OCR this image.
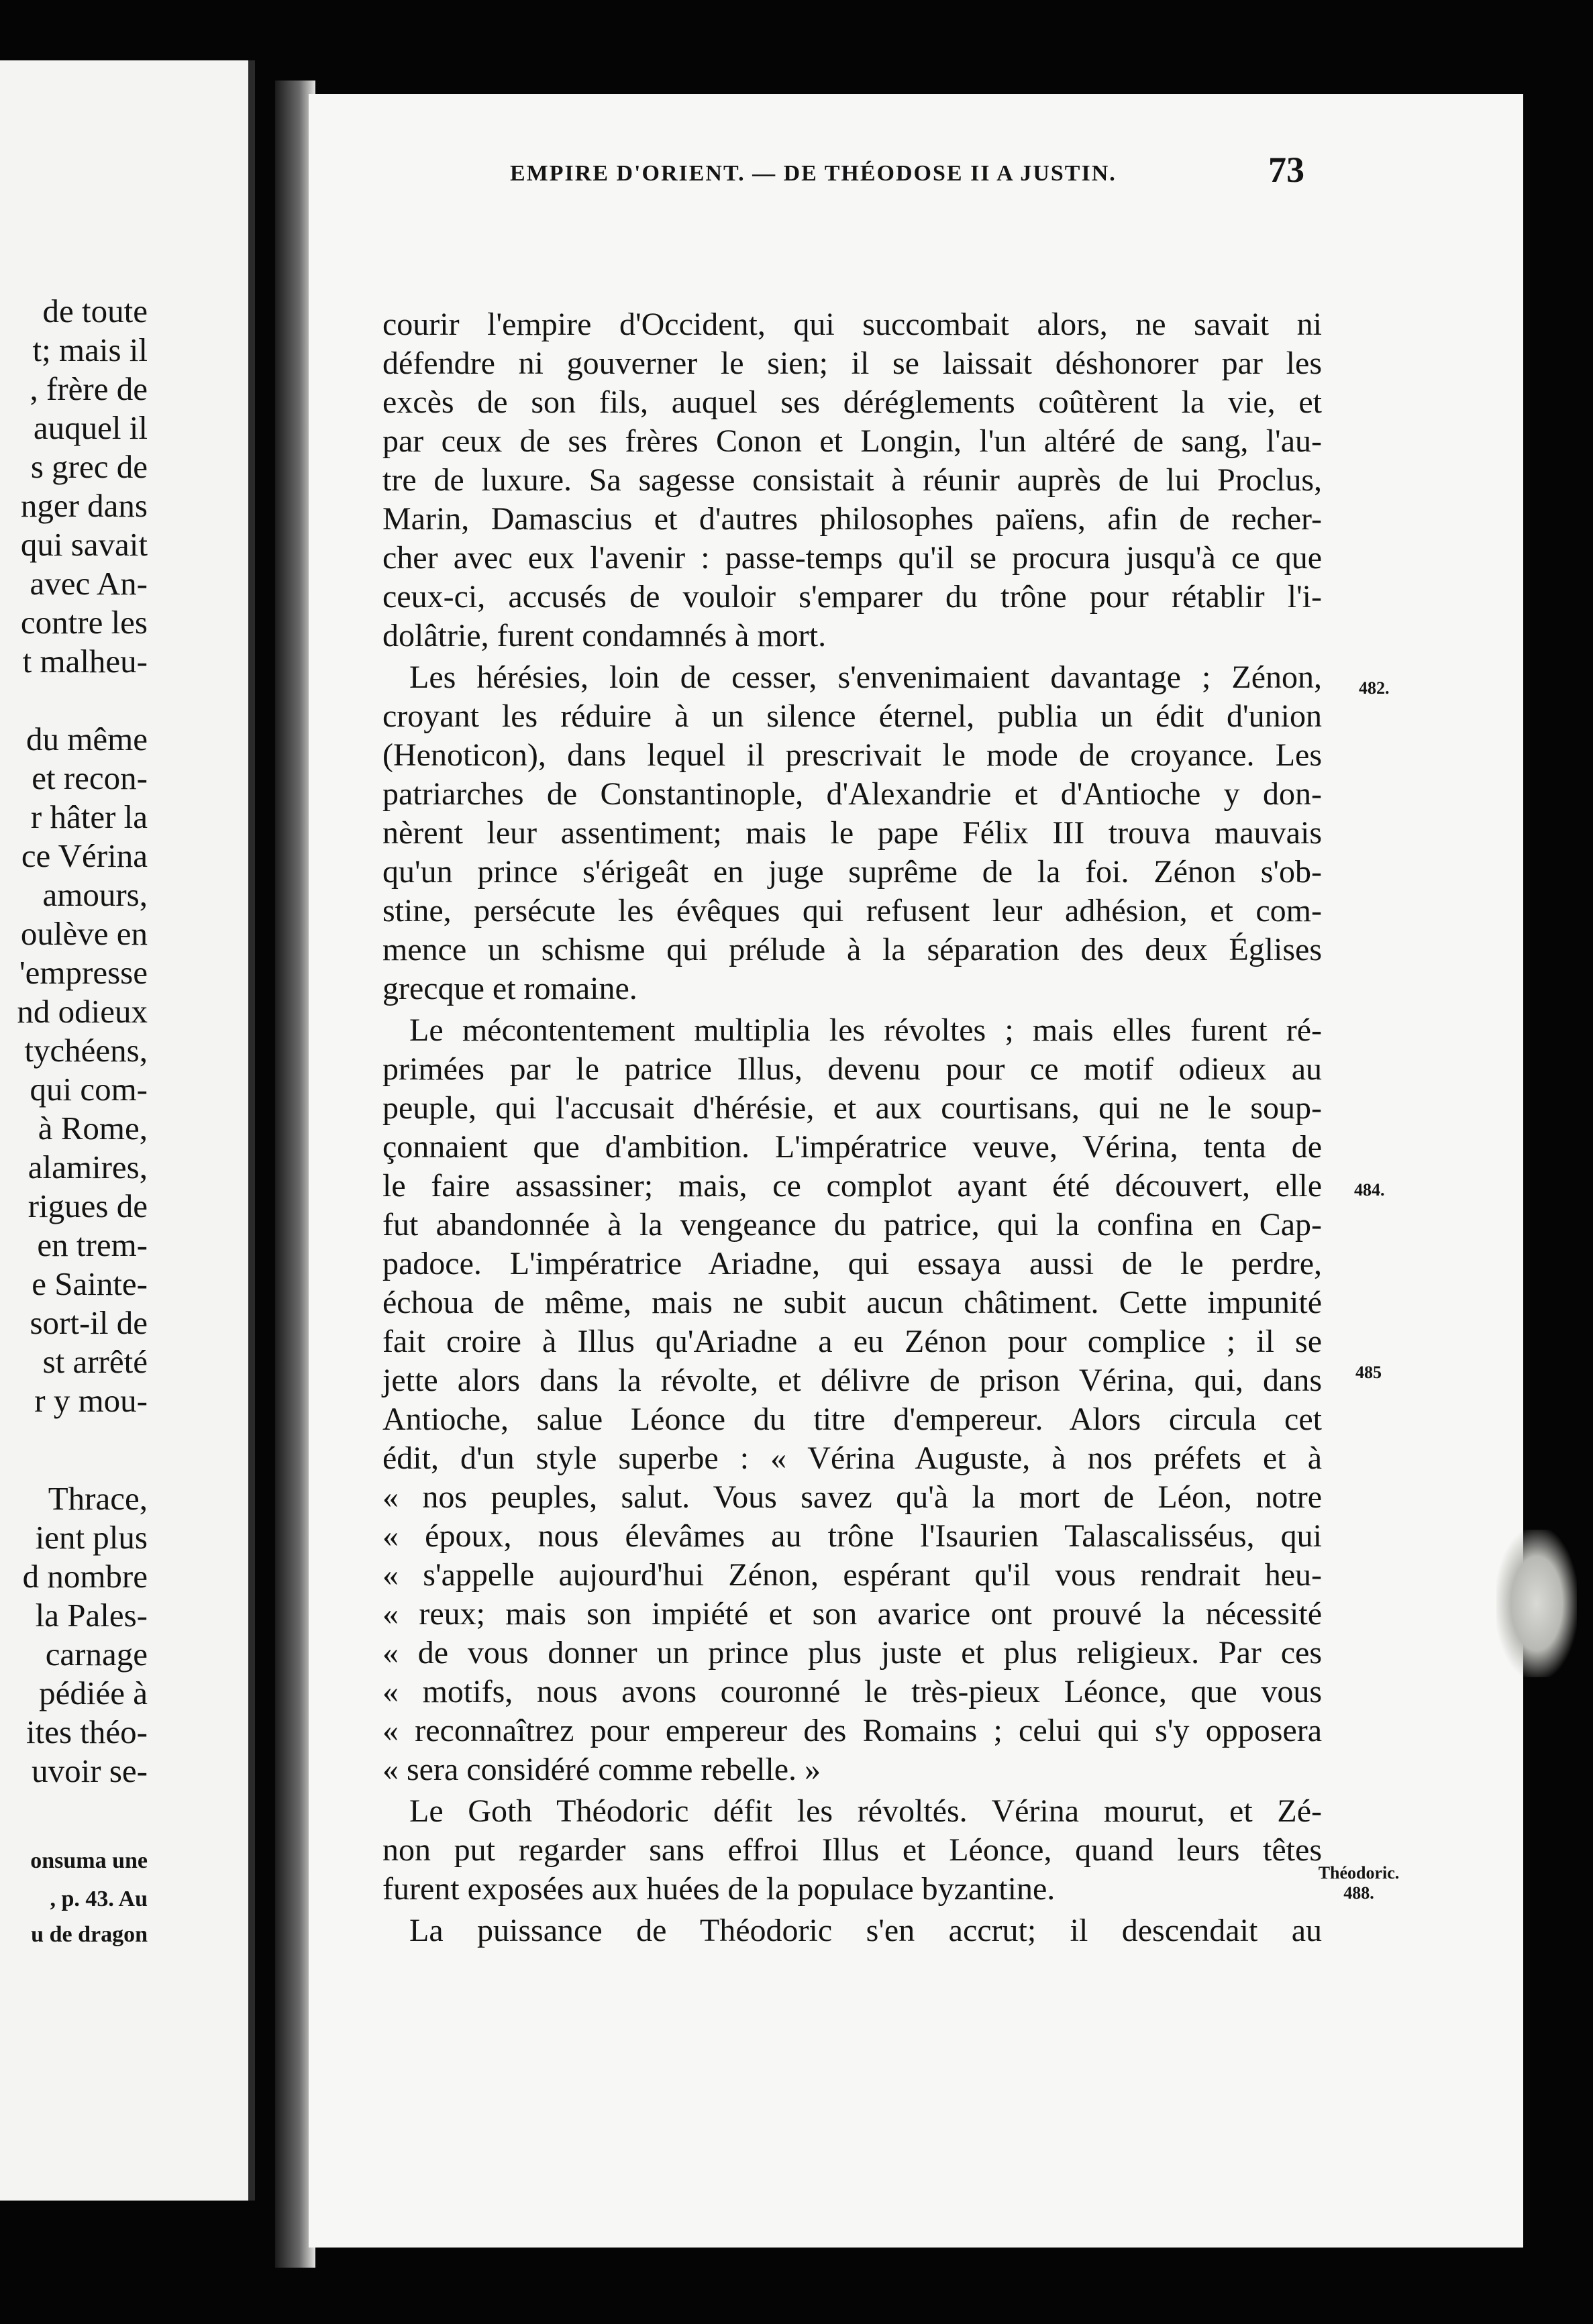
de toute
t; mais il
, frère de
auquel il
s grec de
nger dans
qui savait
avec An-
contre les
t malheu-
du même
et recon-
r hâter la
ce Vérina
amours,
oulève en
'empresse
nd odieux
tychéens,
qui com-
à Rome,
alamires,
rigues de
en trem-
e Sainte-
sort-il de
st arrêté
r y mou-
Thrace,
ient plus
d nombre
la Pales-
carnage
pédiée à
ites théo-
uvoir se-
onsuma une
, p. 43. Au
u de dragon
EMPIRE D'ORIENT. — DE THÉODOSE II A JUSTIN.	73
courir l'empire d'Occident, qui succombait alors, ne savait ni
défendre ni gouverner le sien; il se laissait déshonorer par les
excès de son fils, auquel ses déréglements coûtèrent la vie, et
par ceux de ses frères Conon et Longin, l'un altéré de sang, l'au-
tre de luxure. Sa sagesse consistait à réunir auprès de lui Proclus,
Marin, Damascius et d'autres philosophes païens, afin de recher-
cher avec eux l'avenir : passe-temps qu'il se procura jusqu'à ce que
ceux-ci, accusés de vouloir s'emparer du trône pour rétablir l'i-
dolâtrie, furent condamnés à mort.
Les hérésies, loin de cesser, s'envenimaient davantage ; Zénon,
croyant les réduire à un silence éternel, publia un édit d'union
(Henoticon), dans lequel il prescrivait le mode de croyance. Les
patriarches de Constantinople, d'Alexandrie et d'Antioche y don-
nèrent leur assentiment; mais le pape Félix III trouva mauvais
qu'un prince s'érigeât en juge suprême de la foi. Zénon s'ob-
stine, persécute les évêques qui refusent leur adhésion, et com-
mence un schisme qui prélude à la séparation des deux Églises
grecque et romaine.
Le mécontentement multiplia les révoltes ; mais elles furent ré-
primées par le patrice Illus, devenu pour ce motif odieux au
peuple, qui l'accusait d'hérésie, et aux courtisans, qui ne le soup-
çonnaient que d'ambition. L'impératrice veuve, Vérina, tenta de
le faire assassiner; mais, ce complot ayant été découvert, elle
fut abandonnée à la vengeance du patrice, qui la confina en Cap-
padoce. L'impératrice Ariadne, qui essaya aussi de le perdre,
échoua de même, mais ne subit aucun châtiment. Cette impunité
fait croire à Illus qu'Ariadne a eu Zénon pour complice ; il se
jette alors dans la révolte, et délivre de prison Vérina, qui, dans
Antioche, salue Léonce du titre d'empereur. Alors circula cet
édit, d'un style superbe : « Vérina Auguste, à nos préfets et à
« nos peuples, salut. Vous savez qu'à la mort de Léon, notre
« époux, nous élevâmes au trône l'Isaurien Talascalisséus, qui
« s'appelle aujourd'hui Zénon, espérant qu'il vous rendrait heu-
« reux; mais son impiété et son avarice ont prouvé la nécessité
« de vous donner un prince plus juste et plus religieux. Par ces
« motifs, nous avons couronné le très-pieux Léonce, que vous
« reconnaîtrez pour empereur des Romains ; celui qui s'y opposera
« sera considéré comme rebelle. »
Le Goth Théodoric défit les révoltés. Vérina mourut, et Zé-
non put regarder sans effroi Illus et Léonce, quand leurs têtes
furent exposées aux huées de la populace byzantine.
La puissance de Théodoric s'en accrut; il descendait au
482.
484.
485
Théodoric.
488.
